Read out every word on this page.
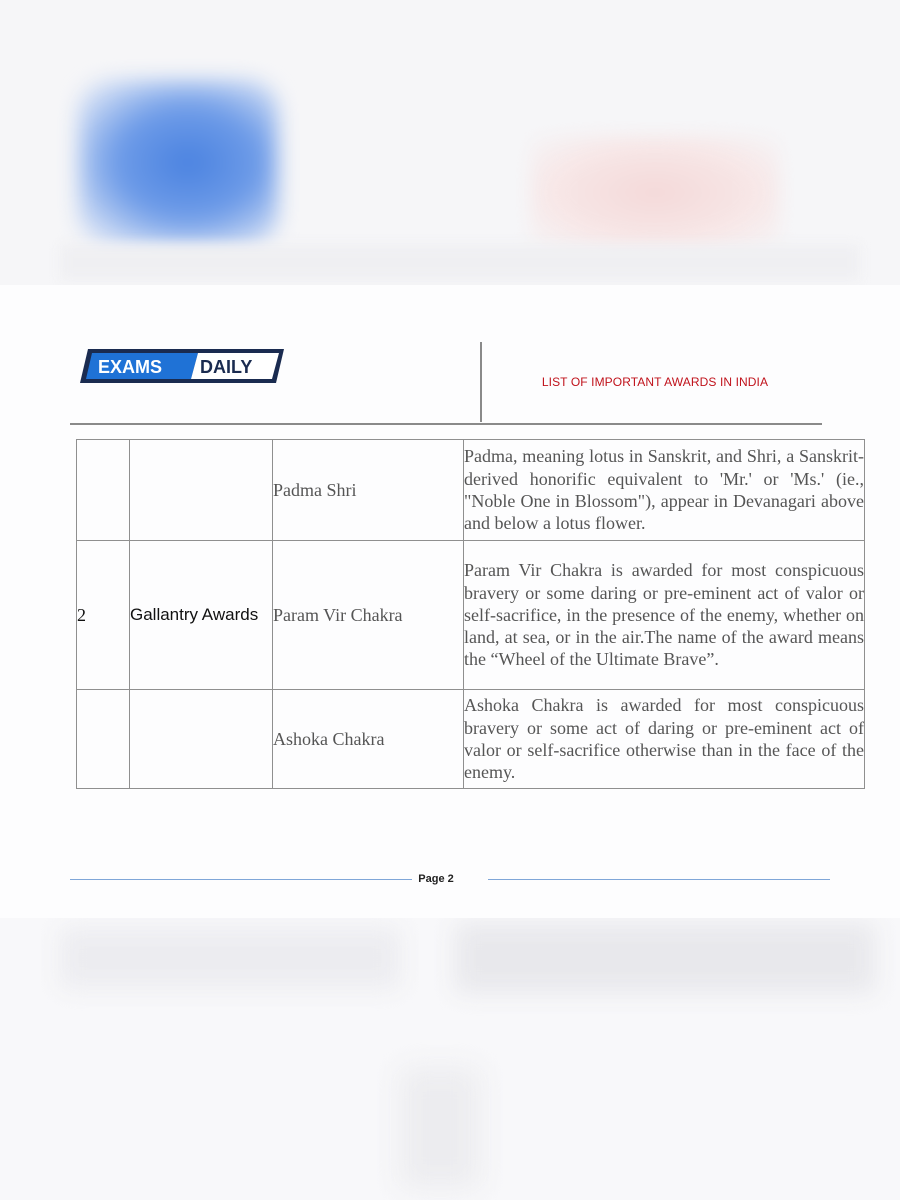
EXAMS DAILY
LIST OF IMPORTANT AWARDS IN INDIA
		Padma Shri	Padma, meaning lotus in Sanskrit, and Shri, a Sanskrit-derived honorific equivalent to 'Mr.' or 'Ms.' (ie., "Noble One in Blossom"), appear in Devanagari above and below a lotus flower.
2	Gallantry Awards	Param Vir Chakra	Param Vir Chakra is awarded for most conspicuous bravery or some daring or pre-eminent act of valor or self-sacrifice, in the presence of the enemy, whether on land, at sea, or in the air.The name of the award means the “Wheel of the Ultimate Brave”.
		Ashoka Chakra	Ashoka Chakra is awarded for most conspicuous bravery or some act of daring or pre-eminent act of valor or self-sacrifice otherwise than in the face of the enemy.
Page 2
